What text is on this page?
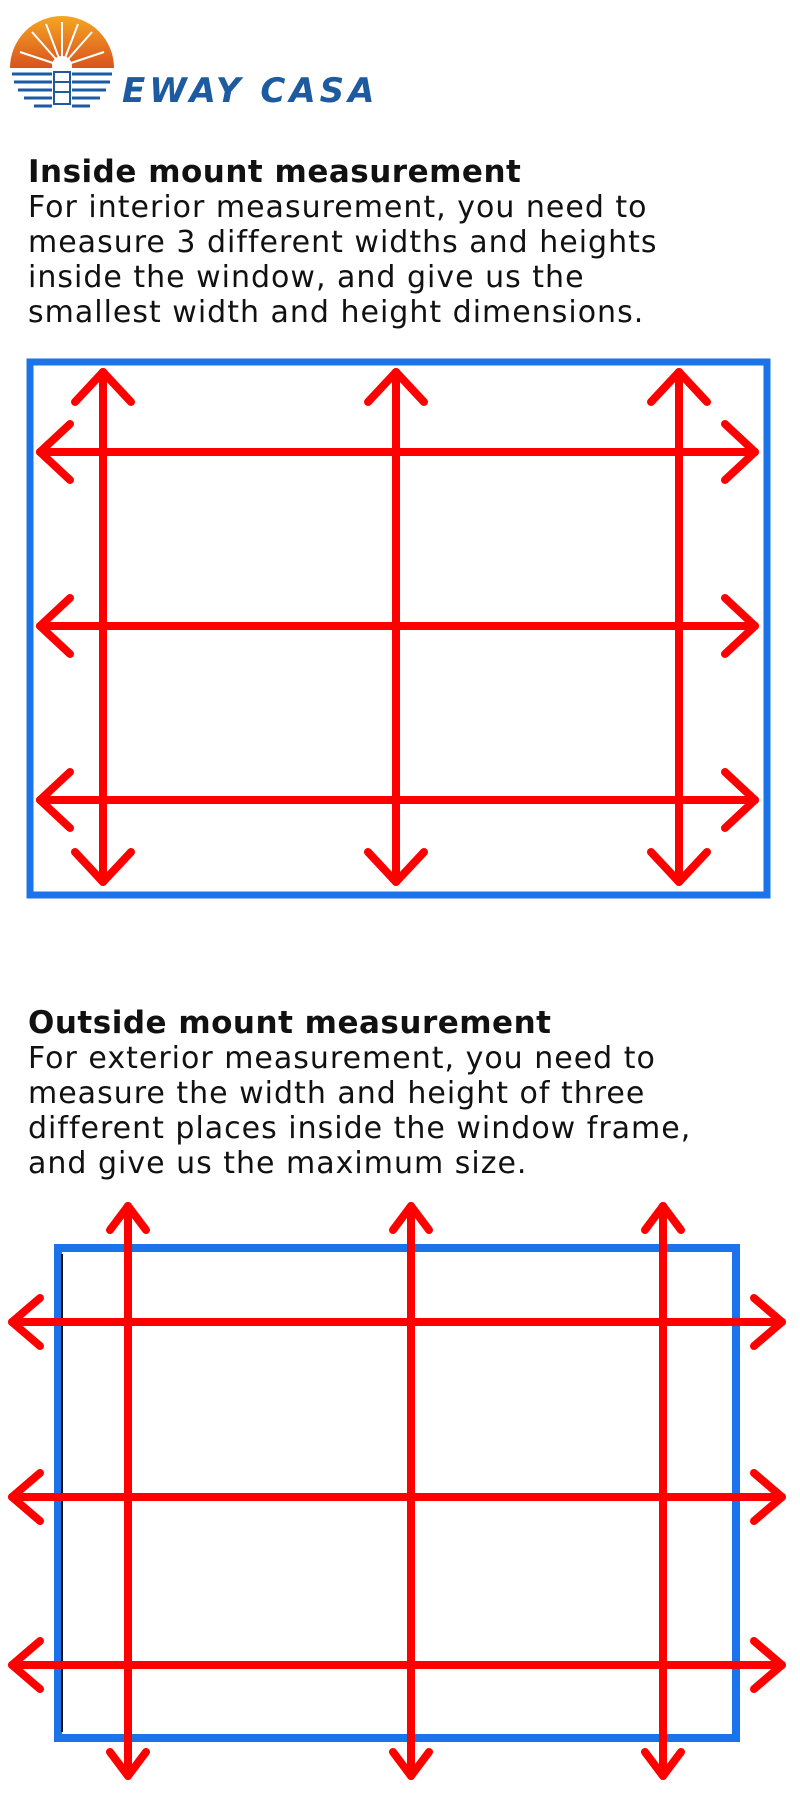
EWAY CASA

Inside mount measurement

For interior measurement, you need to
measure 3 different widths and heights
inside the window, and give us the
smallest width and height dimensions.

Outside mount measurement

For exterior measurement, you need to
measure the width and height of three
different places inside the window frame,
and give us the maximum size.
